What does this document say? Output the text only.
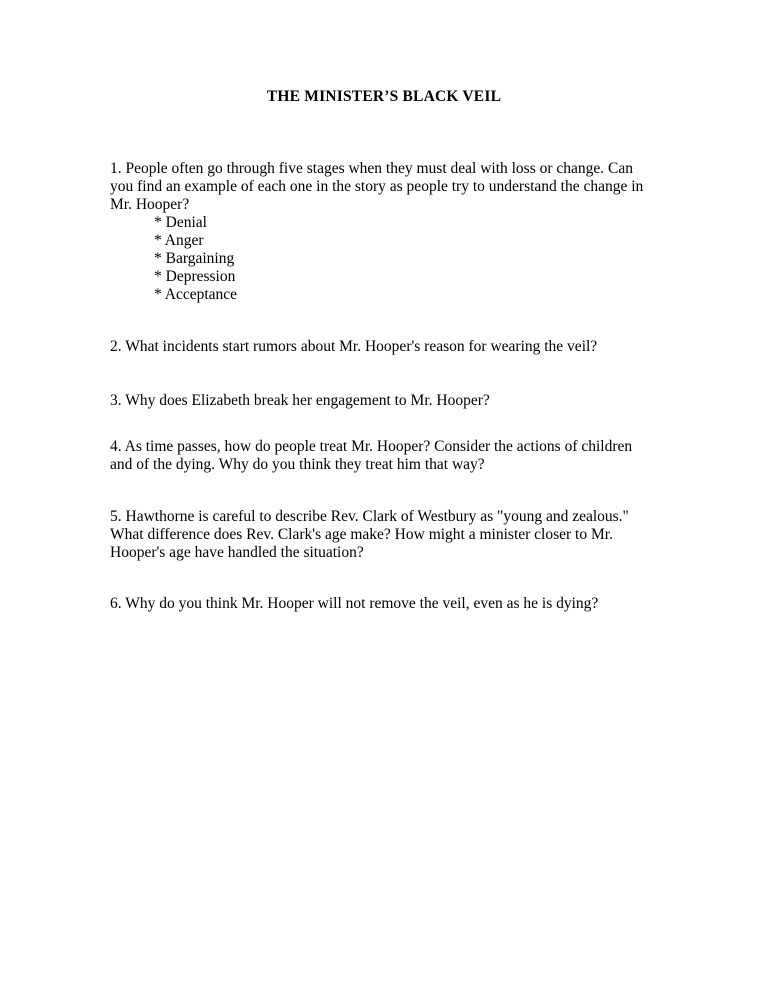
THE MINISTER’S BLACK VEIL

1. People often go through five stages when they must deal with loss or change. Can you find an example of each one in the story as people try to understand the change in Mr. Hooper?

* Denial
* Anger
* Bargaining
* Depression
* Acceptance

2. What incidents start rumors about Mr. Hooper's reason for wearing the veil?

3. Why does Elizabeth break her engagement to Mr. Hooper?

4. As time passes, how do people treat Mr. Hooper? Consider the actions of children and of the dying. Why do you think they treat him that way?

5. Hawthorne is careful to describe Rev. Clark of Westbury as "young and zealous." What difference does Rev. Clark's age make? How might a minister closer to Mr. Hooper's age have handled the situation?

6. Why do you think Mr. Hooper will not remove the veil, even as he is dying?
